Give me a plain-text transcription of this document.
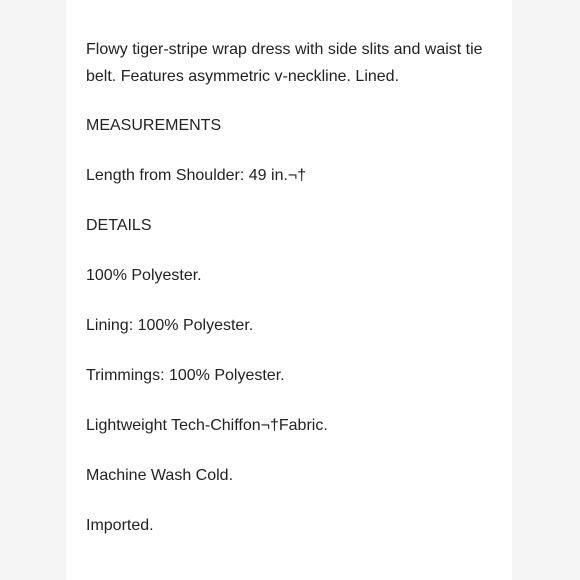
Flowy tiger-stripe wrap dress with side slits and waist tie belt. Features asymmetric v-neckline. Lined.

MEASUREMENTS

Length from Shoulder: 49 in.¬†

DETAILS

100% Polyester.

Lining: 100% Polyester.

Trimmings: 100% Polyester.

Lightweight Tech-Chiffon¬†Fabric.

Machine Wash Cold.

Imported.
